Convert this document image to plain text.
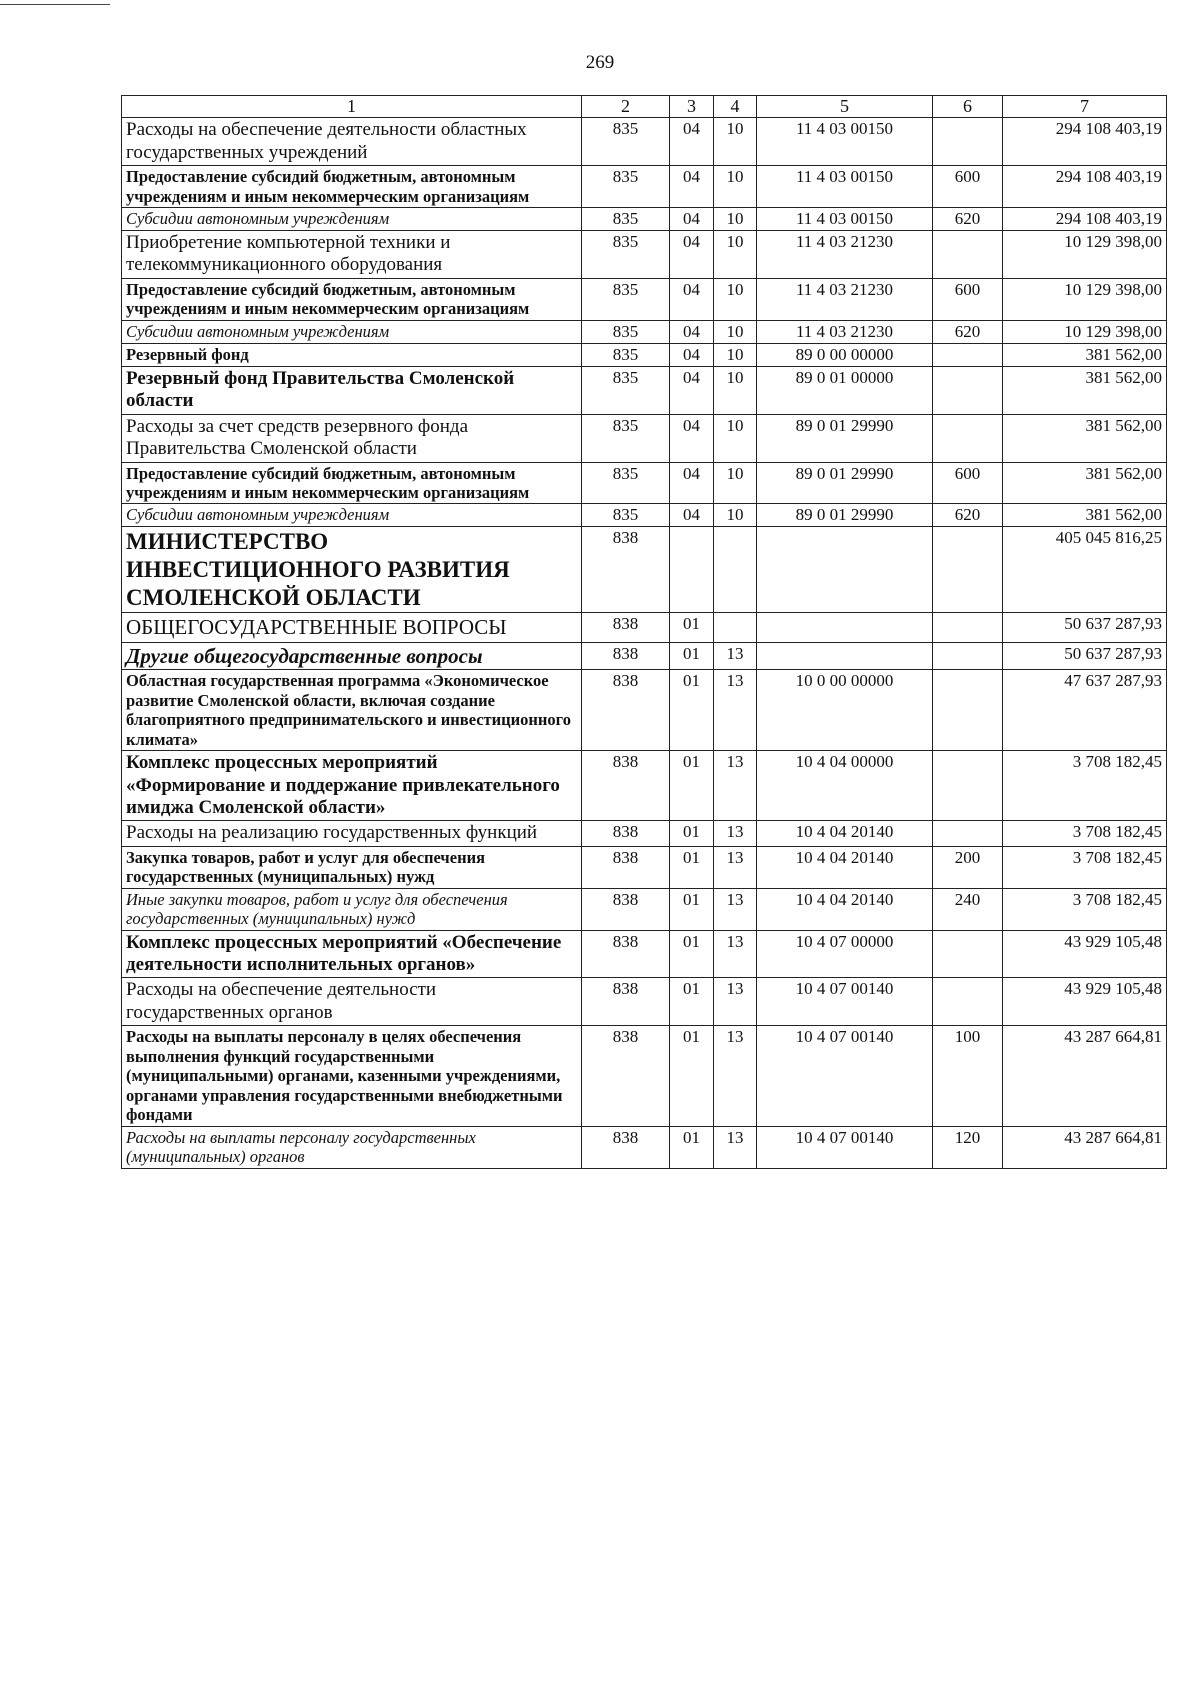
269
1	2	3	4	5	6	7
Расходы на обеспечение деятельности областных государственных учреждений	835	04	10	11 4 03 00150		294 108 403,19
Предоставление субсидий бюджетным, автономным учреждениям и иным некоммерческим организациям	835	04	10	11 4 03 00150	600	294 108 403,19
Субсидии автономным учреждениям	835	04	10	11 4 03 00150	620	294 108 403,19
Приобретение компьютерной техники и телекоммуникационного оборудования	835	04	10	11 4 03 21230		10 129 398,00
Предоставление субсидий бюджетным, автономным учреждениям и иным некоммерческим организациям	835	04	10	11 4 03 21230	600	10 129 398,00
Субсидии автономным учреждениям	835	04	10	11 4 03 21230	620	10 129 398,00
Резервный фонд	835	04	10	89 0 00 00000		381 562,00
Резервный фонд Правительства Смоленской области	835	04	10	89 0 01 00000		381 562,00
Расходы за счет средств резервного фонда Правительства Смоленской области	835	04	10	89 0 01 29990		381 562,00
Предоставление субсидий бюджетным, автономным учреждениям и иным некоммерческим организациям	835	04	10	89 0 01 29990	600	381 562,00
Субсидии автономным учреждениям	835	04	10	89 0 01 29990	620	381 562,00
МИНИСТЕРСТВО ИНВЕСТИЦИОННОГО РАЗВИТИЯ СМОЛЕНСКОЙ ОБЛАСТИ	838					405 045 816,25
ОБЩЕГОСУДАРСТВЕННЫЕ ВОПРОСЫ	838	01				50 637 287,93
Другие общегосударственные вопросы	838	01	13			50 637 287,93
Областная государственная программа «Экономическое развитие Смоленской области, включая создание благоприятного предпринимательского и инвестиционного климата»	838	01	13	10 0 00 00000		47 637 287,93
Комплекс процессных мероприятий «Формирование и поддержание привлекательного имиджа Смоленской области»	838	01	13	10 4 04 00000		3 708 182,45
Расходы на реализацию государственных функций	838	01	13	10 4 04 20140		3 708 182,45
Закупка товаров, работ и услуг для обеспечения государственных (муниципальных) нужд	838	01	13	10 4 04 20140	200	3 708 182,45
Иные закупки товаров, работ и услуг для обеспечения государственных (муниципальных) нужд	838	01	13	10 4 04 20140	240	3 708 182,45
Комплекс процессных мероприятий «Обеспечение деятельности исполнительных органов»	838	01	13	10 4 07 00000		43 929 105,48
Расходы на обеспечение деятельности государственных органов	838	01	13	10 4 07 00140		43 929 105,48
Расходы на выплаты персоналу в целях обеспечения выполнения функций государственными (муниципальными) органами, казенными учреждениями, органами управления государственными внебюджетными фондами	838	01	13	10 4 07 00140	100	43 287 664,81
Расходы на выплаты персоналу государственных (муниципальных) органов	838	01	13	10 4 07 00140	120	43 287 664,81
